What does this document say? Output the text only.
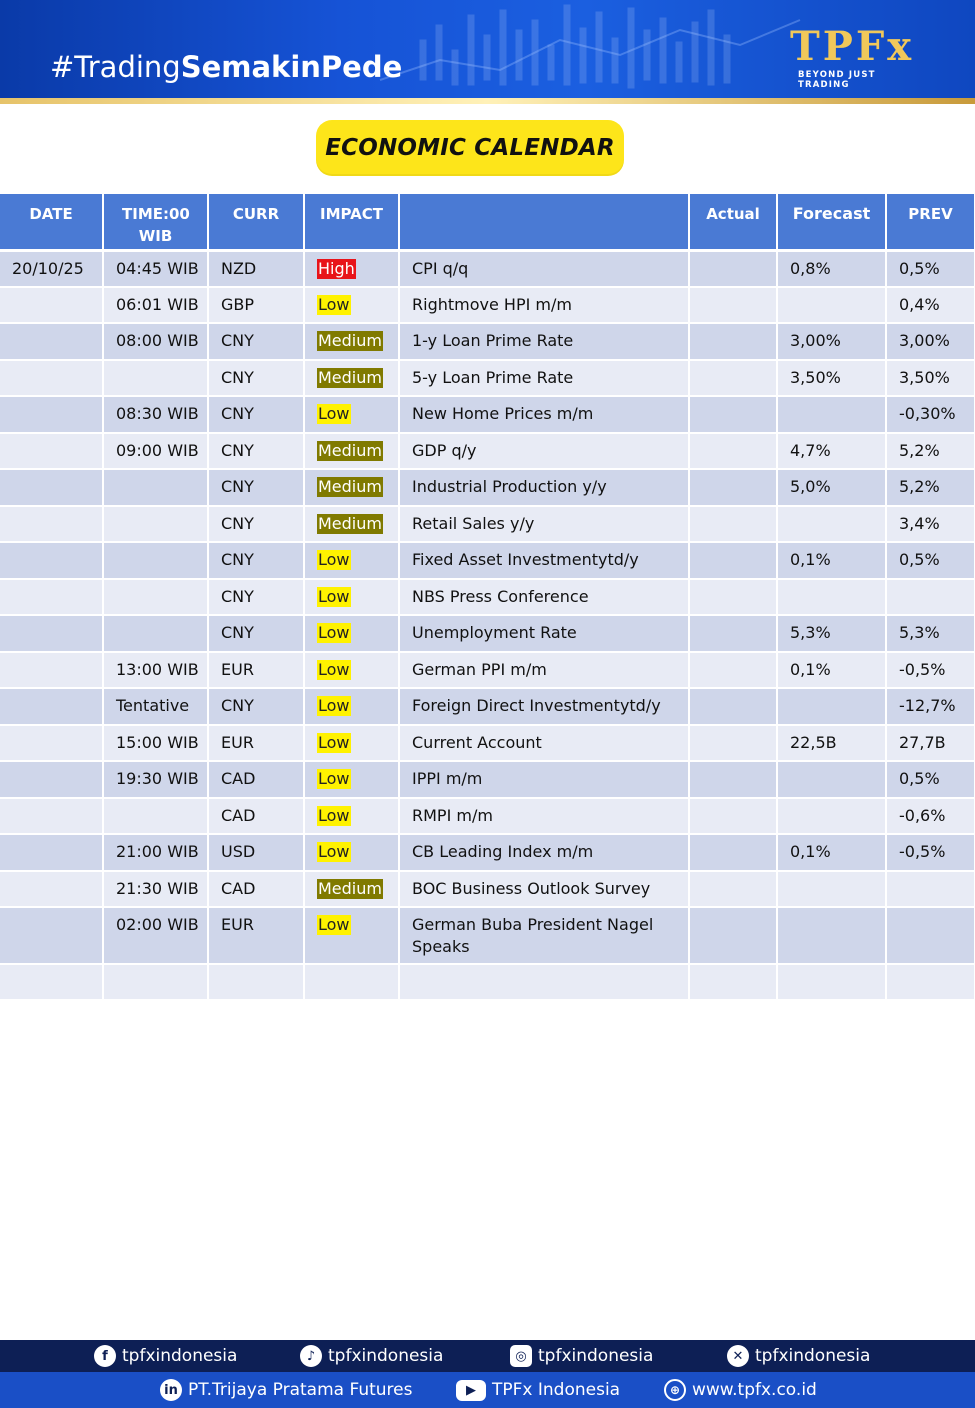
#TradingSemakinPede	TPFx
BEYOND JUST TRADING
ECONOMIC CALENDAR
DATE	TIME:00 WIB	CURR	IMPACT		Actual	Forecast	PREV
20/10/25	04:45 WIB	NZD	High	CPI q/q		0,8%	0,5%
	06:01 WIB	GBP	Low	Rightmove HPI m/m			0,4%
	08:00 WIB	CNY	Medium	1-y Loan Prime Rate		3,00%	3,00%
		CNY	Medium	5-y Loan Prime Rate		3,50%	3,50%
	08:30 WIB	CNY	Low	New Home Prices m/m			-0,30%
	09:00 WIB	CNY	Medium	GDP q/y		4,7%	5,2%
		CNY	Medium	Industrial Production y/y		5,0%	5,2%
		CNY	Medium	Retail Sales y/y			3,4%
		CNY	Low	Fixed Asset Investmentytd/y		0,1%	0,5%
		CNY	Low	NBS Press Conference			
		CNY	Low	Unemployment Rate		5,3%	5,3%
	13:00 WIB	EUR	Low	German PPI m/m		0,1%	-0,5%
	Tentative	CNY	Low	Foreign Direct Investmentytd/y			-12,7%
	15:00 WIB	EUR	Low	Current Account		22,5B	27,7B
	19:30 WIB	CAD	Low	IPPI m/m			0,5%
		CAD	Low	RMPI m/m			-0,6%
	21:00 WIB	USD	Low	CB Leading Index m/m		0,1%	-0,5%
	21:30 WIB	CAD	Medium	BOC Business Outlook Survey			
	02:00 WIB	EUR	Low	German Buba President Nagel Speaks			

f tpfxindonesia	♪ tpfxindonesia	◎ tpfxindonesia	✕ tpfxindonesia
in PT.Trijaya Pratama Futures	▶ TPFx Indonesia	⊕ www.tpfx.co.id
